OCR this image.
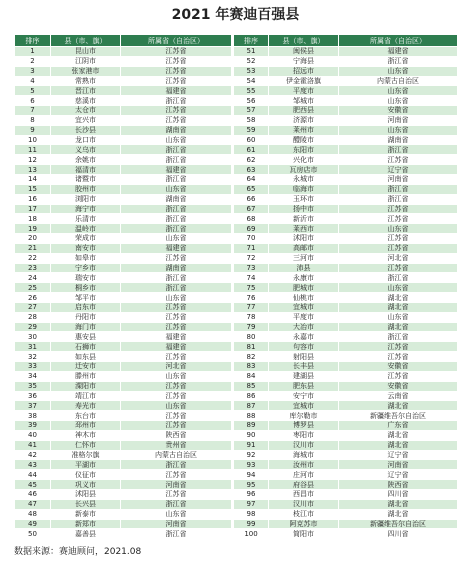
2021 年赛迪百强县
排序	县（市、旗）	所属省（自治区）	排序	县（市、旗）	所属省（自治区）
1	昆山市	江苏省	51	闽侯县	福建省
2	江阴市	江苏省	52	宁海县	浙江省
3	张家港市	江苏省	53	招远市	山东省
4	常熟市	江苏省	54	伊金霍洛旗	内蒙古自治区
5	晋江市	福建省	55	平度市	山东省
6	慈溪市	浙江省	56	邹城市	山东省
7	太仓市	江苏省	57	肥西县	安徽省
8	宜兴市	江苏省	58	济源市	河南省
9	长沙县	湖南省	59	莱州市	山东省
10	龙口市	山东省	60	醴陵市	湖南省
11	义乌市	浙江省	61	东阳市	浙江省
12	余姚市	浙江省	62	兴化市	江苏省
13	福清市	福建省	63	瓦房店市	辽宁省
14	诸暨市	浙江省	64	永城市	河南省
15	胶州市	山东省	65	临海市	浙江省
16	浏阳市	湖南省	66	玉环市	浙江省
17	海宁市	浙江省	67	扬中市	江苏省
18	乐清市	浙江省	68	新沂市	江苏省
19	温岭市	浙江省	69	莱西市	山东省
20	荣成市	山东省	70	沭阳市	江苏省
21	南安市	福建省	71	高邮市	江苏省
22	如皋市	江苏省	72	三河市	河北省
23	宁乡市	湖南省	73	沛县	江苏省
24	瑞安市	浙江省	74	永康市	浙江省
25	桐乡市	浙江省	75	肥城市	山东省
26	邹平市	山东省	76	仙桃市	湖北省
27	启东市	江苏省	77	宜城市	湖北省
28	丹阳市	江苏省	78	平度市	山东省
29	海门市	江苏省	79	大冶市	湖北省
30	惠安县	福建省	80	永嘉市	浙江省
31	石狮市	福建省	81	句容市	江苏省
32	如东县	江苏省	82	射阳县	江苏省
33	迁安市	河北省	83	长丰县	安徽省
34	滕州市	山东省	84	建湖县	江苏省
35	溧阳市	江苏省	85	肥东县	安徽省
36	靖江市	江苏省	86	安宁市	云南省
37	寿光市	山东省	87	宜城市	湖北省
38	东台市	江苏省	88	库尔勒市	新疆维吾尔自治区
39	邳州市	江苏省	89	博罗县	广东省
40	神木市	陕西省	90	枣阳市	湖北省
41	仁怀市	贵州省	91	汉川市	湖北省
42	准格尔旗	内蒙古自治区	92	海城市	辽宁省
43	平湖市	浙江省	93	汝州市	河南省
44	仪征市	江苏省	94	庄河市	辽宁省
45	巩义市	河南省	95	府谷县	陕西省
46	沭阳县	江苏省	96	西昌市	四川省
47	长兴县	浙江省	97	汉川市	湖北省
48	新泰市	山东省	98	枝江市	湖北省
49	新郑市	河南省	99	阿克苏市	新疆维吾尔自治区
50	嘉善县	浙江省	100	简阳市	四川省
数据来源：赛迪顾问，2021.08
